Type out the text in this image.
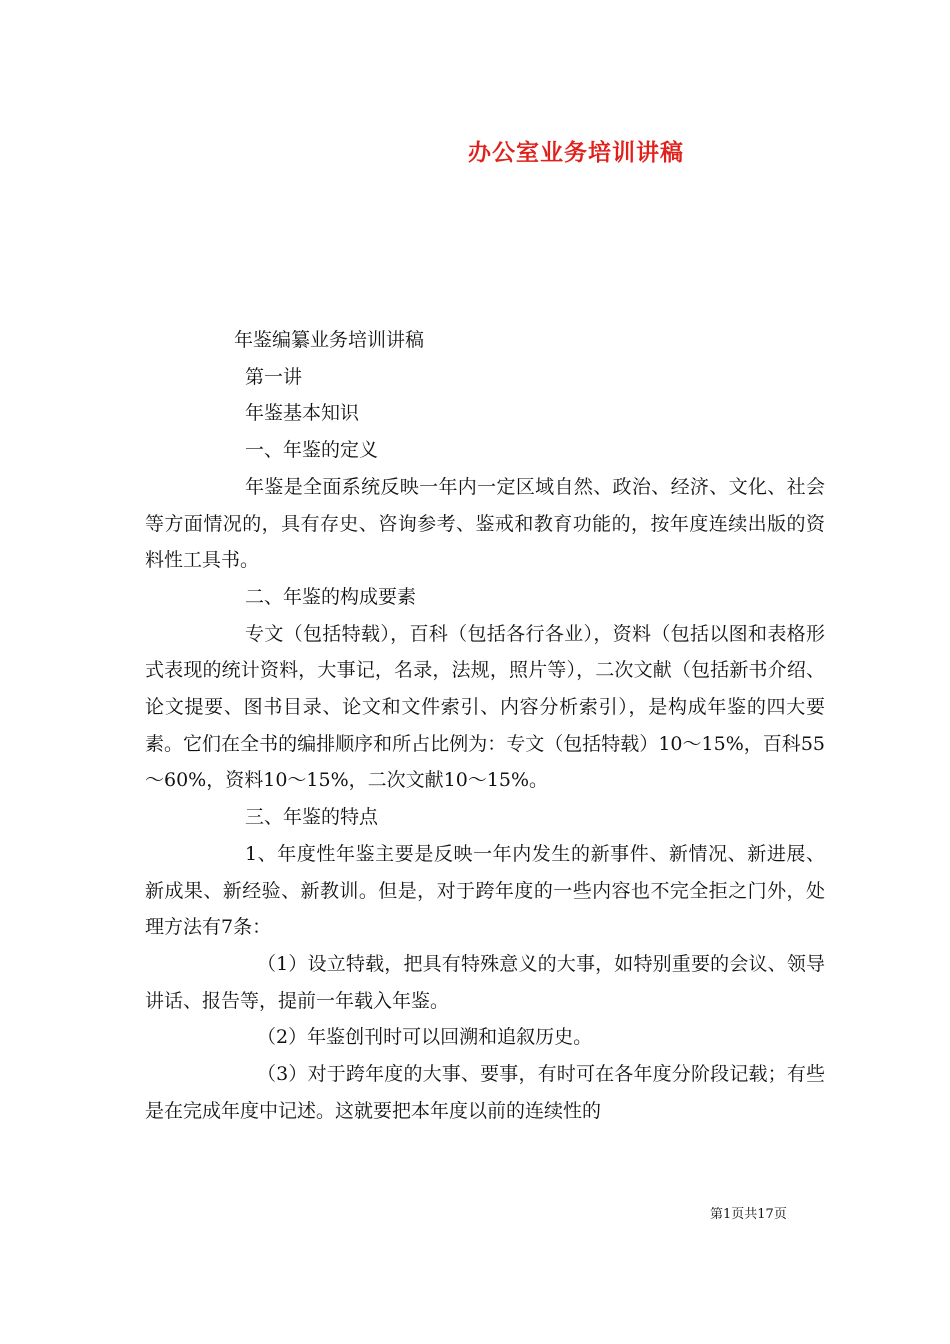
办公室业务培训讲稿

年鉴编纂业务培训讲稿

第一讲

年鉴基本知识

一、年鉴的定义

年鉴是全面系统反映一年内一定区域自然、政治、经济、文化、社会等方面情况的，具有存史、咨询参考、鉴戒和教育功能的，按年度连续出版的资料性工具书。

二、年鉴的构成要素

专文（包括特载），百科（包括各行各业），资料（包括以图和表格形式表现的统计资料，大事记，名录，法规，照片等），二次文献（包括新书介绍、论文提要、图书目录、论文和文件索引、内容分析索引），是构成年鉴的四大要素。它们在全书的编排顺序和所占比例为：专文（包括特载）10～15%，百科55～60%，资料10～15%，二次文献10～15%。

三、年鉴的特点

1、年度性年鉴主要是反映一年内发生的新事件、新情况、新进展、新成果、新经验、新教训。但是，对于跨年度的一些内容也不完全拒之门外，处理方法有7条：

（1）设立特载，把具有特殊意义的大事，如特别重要的会议、领导讲话、报告等，提前一年载入年鉴。

（2）年鉴创刊时可以回溯和追叙历史。

（3）对于跨年度的大事、要事，有时可在各年度分阶段记载；有些是在完成年度中记述。这就要把本年度以前的连续性的

第1页共17页
